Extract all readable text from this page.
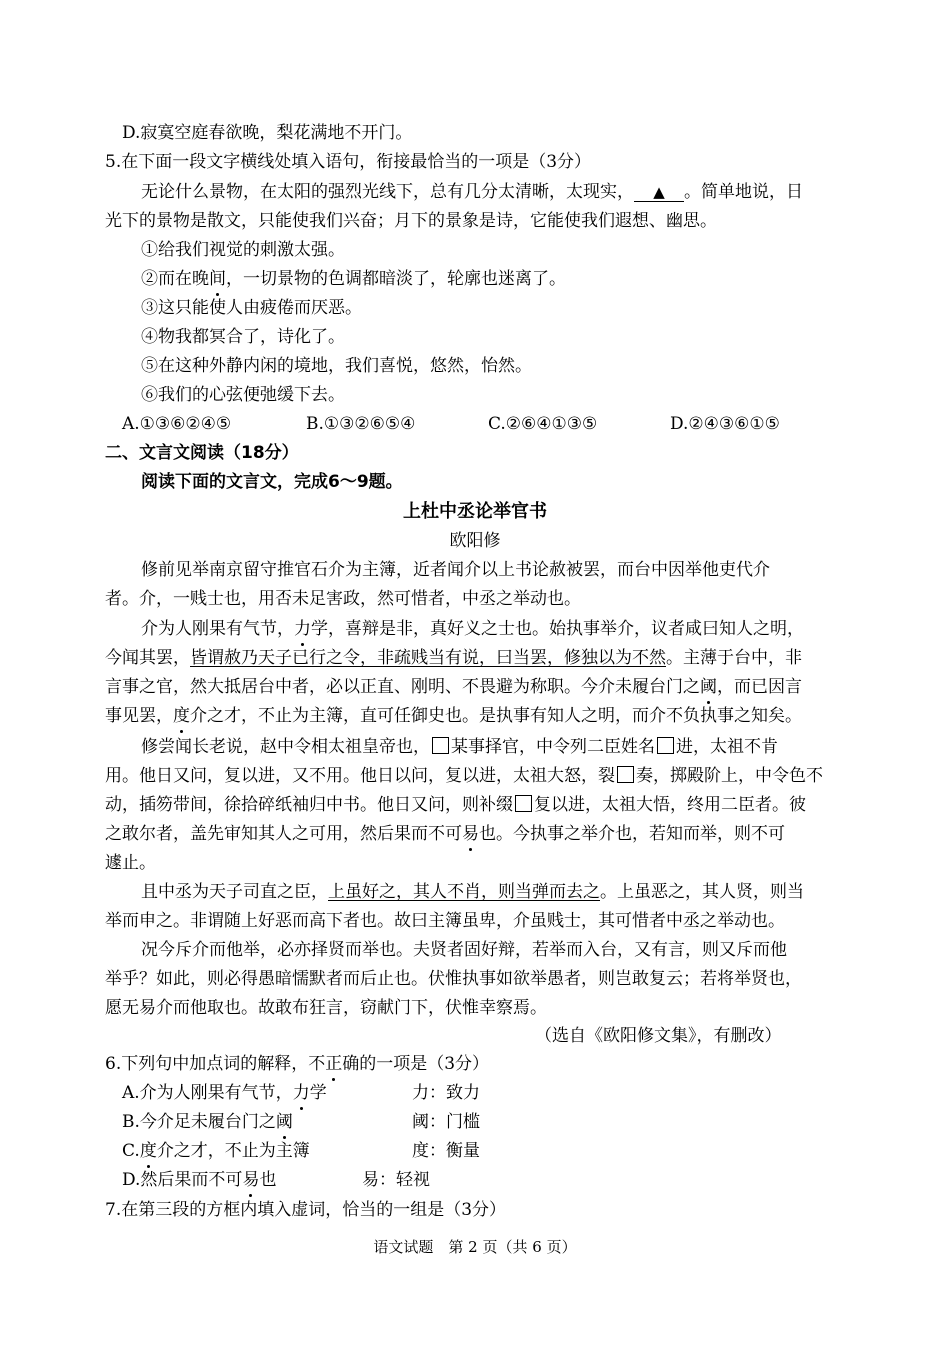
D.寂寞空庭春欲晚，梨花满地不开门。
5.在下面一段文字横线处填入语句，衔接最恰当的一项是（3分）
无论什么景物，在太阳的强烈光线下，总有几分太清晰，太现实， ▲ 。简单地说，日
光下的景物是散文，只能使我们兴奋；月下的景象是诗，它能使我们遐想、幽思。
①给我们视觉的刺激太强。
②而在晚间，一切景物的色调都暗淡了，轮廓也迷离了。
③这只能使人由疲倦而厌恶。
④物我都冥合了，诗化了。
⑤在这种外静内闲的境地，我们喜悦，悠然，怡然。
⑥我们的心弦便弛缓下去。
A.①③⑥②④⑤	B.①③②⑥⑤④	C.②⑥④①③⑤	D.②④③⑥①⑤
二、文言文阅读（18分）
阅读下面的文言文，完成6～9题。
上杜中丞论举官书
欧阳修
修前见举南京留守推官石介为主簿，近者闻介以上书论赦被罢，而台中因举他吏代介
者。介，一贱士也，用否未足害政，然可惜者，中丞之举动也。
介为人刚果有气节，力学，喜辩是非，真好义之士也。始执事举介，议者咸曰知人之明，
今闻其罢，皆谓赦乃天子已行之令，非疏贱当有说，曰当罢，修独以为不然。主薄于台中，非
言事之官，然大抵居台中者，必以正直、刚明、不畏避为称职。今介未履台门之阈，而已因言
事见罢，度介之才，不止为主簿，直可任御史也。是执事有知人之明，而介不负执事之知矣。
修尝闻长老说，赵中令相太祖皇帝也， 某事择官，中令列二臣姓名 进，太祖不肯
用。他日又问，复以进，又不用。他日以问，复以进，太祖大怒，裂 奏，掷殿阶上，中令色不
动，插笏带间，徐拾碎纸袖归中书。他日又问，则补缀 复以进，太祖大悟，终用二臣者。彼
之敢尔者，盖先审知其人之可用，然后果而不可易也。今执事之举介也，若知而举，则不可
遽止。
且中丞为天子司直之臣，上虽好之，其人不肖，则当弹而去之。上虽恶之，其人贤，则当
举而申之。非谓随上好恶而高下者也。故曰主簿虽卑，介虽贱士，其可惜者中丞之举动也。
况今斥介而他举，必亦择贤而举也。夫贤者固好辩，若举而入台，又有言，则又斥而他
举乎？如此，则必得愚暗懦默者而后止也。伏惟执事如欲举愚者，则岂敢复云；若将举贤也，
愿无易介而他取也。故敢布狂言，窃献门下，伏惟幸察焉。
（选自《欧阳修文集》，有删改）
6.下列句中加点词的解释，不正确的一项是（3分）
A.介为人刚果有气节，力学	力：致力
B.今介足未履台门之阈	阈：门槛
C.度介之才，不止为主簿	度：衡量
D.然后果而不可易也	易：轻视
7.在第三段的方框内填入虚词，恰当的一组是（3分）
语文试题　第 2 页（共 6 页）
